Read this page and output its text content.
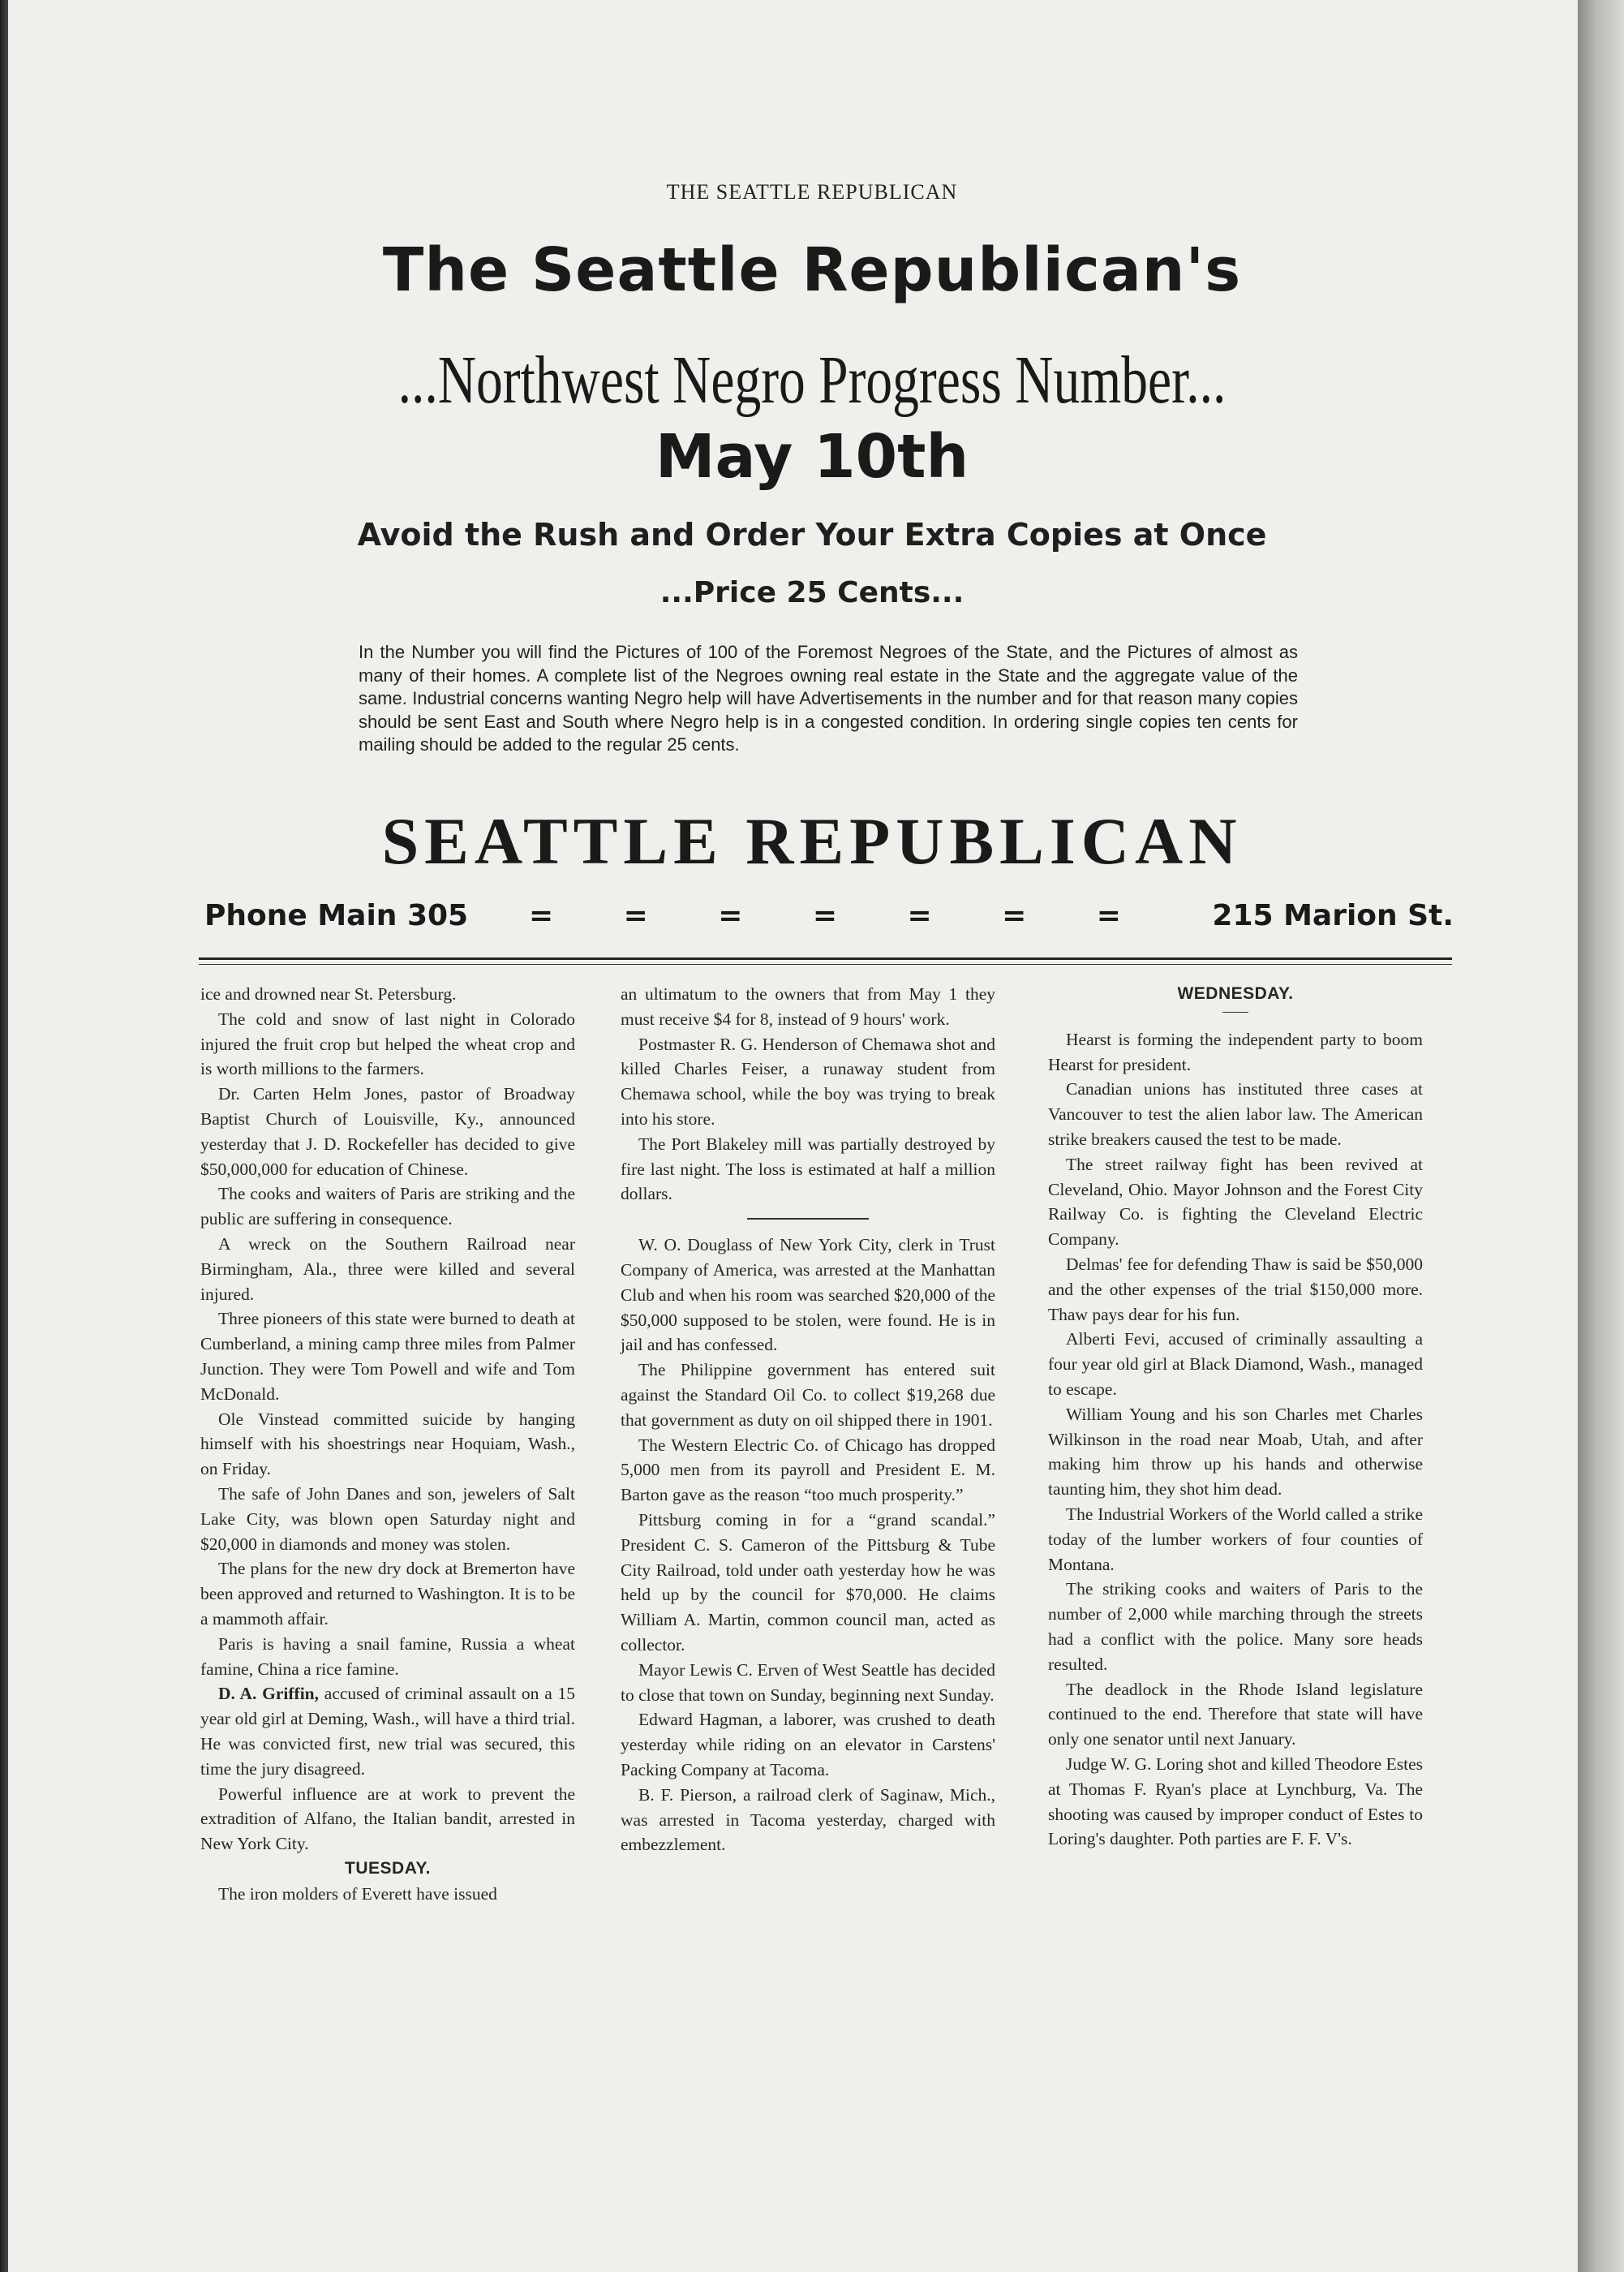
THE SEATTLE REPUBLICAN
The Seattle Republican's
...Northwest Negro Progress Number...
May 10th
Avoid the Rush and Order Your Extra Copies at Once
...Price 25 Cents...
In the Number you will find the Pictures of 100 of the Foremost Negroes of the State, and the Pictures of almost as many of their homes. A complete list of the Negroes owning real estate in the State and the aggregate value of the same. Industrial concerns wanting Negro help will have Advertisements in the number and for that reason many copies should be sent East and South where Negro help is in a congested condition. In ordering single copies ten cents for mailing should be added to the regular 25 cents.
SEATTLE REPUBLICAN
Phone Main 305 = = = = = = =	215 Marion St.

ice and drowned near St. Petersburg.

The cold and snow of last night in Colorado injured the fruit crop but helped the wheat crop and is worth millions to the farmers.

Dr. Carten Helm Jones, pastor of Broadway Baptist Church of Louisville, Ky., announced yesterday that J. D. Rockefeller has decided to give $50,000,000 for education of Chinese.

The cooks and waiters of Paris are striking and the public are suffering in consequence.

A wreck on the Southern Railroad near Birmingham, Ala., three were killed and several injured.

Three pioneers of this state were burned to death at Cumberland, a mining camp three miles from Palmer Junction. They were Tom Powell and wife and Tom McDonald.

Ole Vinstead committed suicide by hanging himself with his shoestrings near Hoquiam, Wash., on Friday.

The safe of John Danes and son, jewelers of Salt Lake City, was blown open Saturday night and $20,000 in diamonds and money was stolen.

The plans for the new dry dock at Bremerton have been approved and returned to Washington. It is to be a mammoth affair.

Paris is having a snail famine, Russia a wheat famine, China a rice famine.

D. A. Griffin, accused of criminal assault on a 15 year old girl at Deming, Wash., will have a third trial. He was convicted first, new trial was secured, this time the jury disagreed.

Powerful influence are at work to prevent the extradition of Alfano, the Italian bandit, arrested in New York City.

TUESDAY.

The iron molders of Everett have issued

an ultimatum to the owners that from May 1 they must receive $4 for 8, instead of 9 hours' work.

Postmaster R. G. Henderson of Chemawa shot and killed Charles Feiser, a runaway student from Chemawa school, while the boy was trying to break into his store.

The Port Blakeley mill was partially destroyed by fire last night. The loss is estimated at half a million dollars.

W. O. Douglass of New York City, clerk in Trust Company of America, was arrested at the Manhattan Club and when his room was searched $20,000 of the $50,000 supposed to be stolen, were found. He is in jail and has confessed.

The Philippine government has entered suit against the Standard Oil Co. to collect $19,268 due that government as duty on oil shipped there in 1901.

The Western Electric Co. of Chicago has dropped 5,000 men from its payroll and President E. M. Barton gave as the reason “too much prosperity.”

Pittsburg coming in for a “grand scandal.” President C. S. Cameron of the Pittsburg & Tube City Railroad, told under oath yesterday how he was held up by the council for $70,000. He claims William A. Martin, common council man, acted as collector.

Mayor Lewis C. Erven of West Seattle has decided to close that town on Sunday, beginning next Sunday.

Edward Hagman, a laborer, was crushed to death yesterday while riding on an elevator in Carstens' Packing Company at Tacoma.

B. F. Pierson, a railroad clerk of Saginaw, Mich., was arrested in Tacoma yesterday, charged with embezzlement.

WEDNESDAY.

Hearst is forming the independent party to boom Hearst for president.

Canadian unions has instituted three cases at Vancouver to test the alien labor law. The American strike breakers caused the test to be made.

The street railway fight has been revived at Cleveland, Ohio. Mayor Johnson and the Forest City Railway Co. is fighting the Cleveland Electric Company.

Delmas' fee for defending Thaw is said be $50,000 and the other expenses of the trial $150,000 more. Thaw pays dear for his fun.

Alberti Fevi, accused of criminally assaulting a four year old girl at Black Diamond, Wash., managed to escape.

William Young and his son Charles met Charles Wilkinson in the road near Moab, Utah, and after making him throw up his hands and otherwise taunting him, they shot him dead.

The Industrial Workers of the World called a strike today of the lumber workers of four counties of Montana.

The striking cooks and waiters of Paris to the number of 2,000 while marching through the streets had a conflict with the police. Many sore heads resulted.

The deadlock in the Rhode Island legislature continued to the end. Therefore that state will have only one senator until next January.

Judge W. G. Loring shot and killed Theodore Estes at Thomas F. Ryan's place at Lynchburg, Va. The shooting was caused by improper conduct of Estes to Loring's daughter. Poth parties are F. F. V's.
